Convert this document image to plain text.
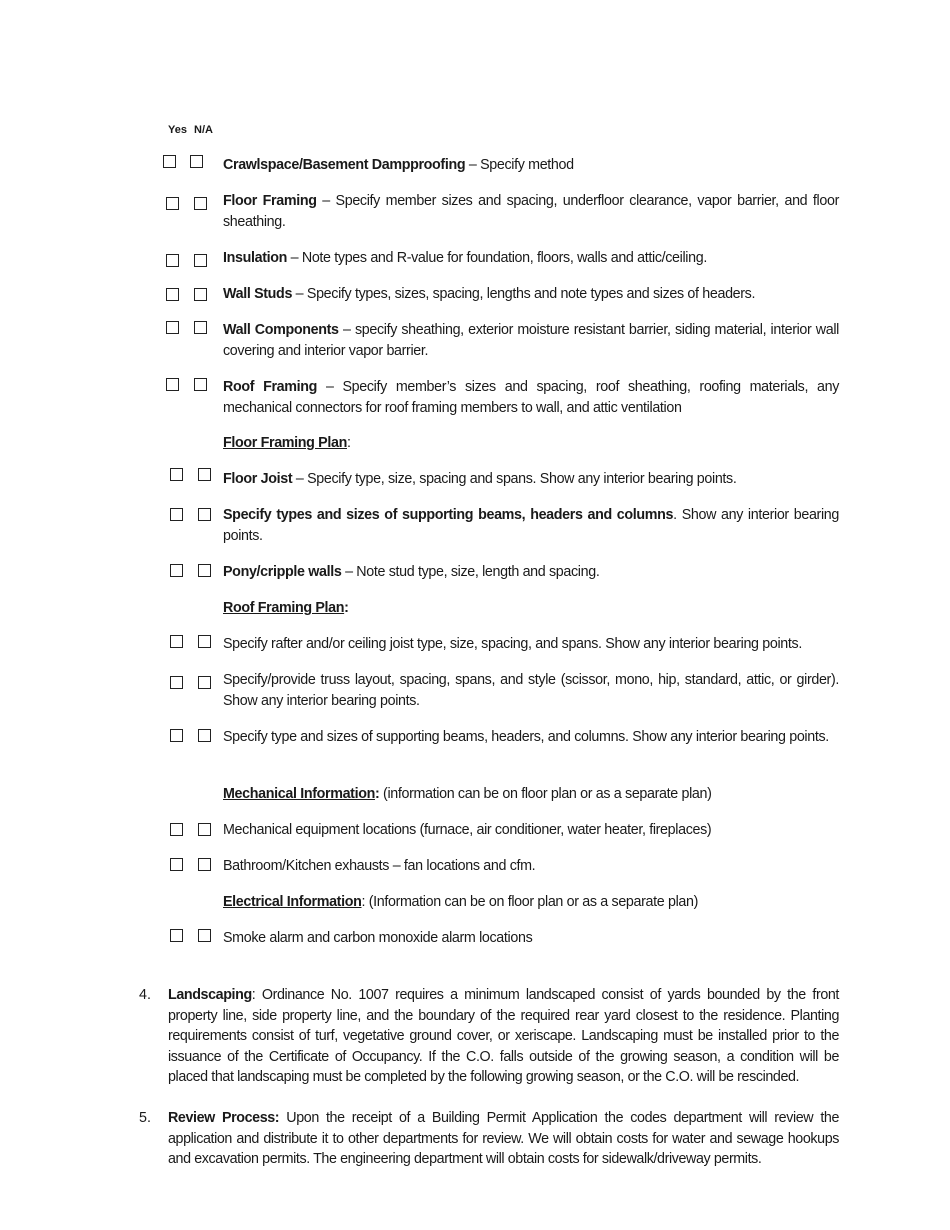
Yes N/A
Crawlspace/Basement Dampproofing – Specify method
Floor Framing – Specify member sizes and spacing, underfloor clearance, vapor barrier, and floor sheathing.
Insulation – Note types and R-value for foundation, floors, walls and attic/ceiling.
Wall Studs – Specify types, sizes, spacing, lengths and note types and sizes of headers.
Wall Components – specify sheathing, exterior moisture resistant barrier, siding material, interior wall covering and interior vapor barrier.
Roof Framing – Specify member’s sizes and spacing, roof sheathing, roofing materials, any mechanical connectors for roof framing members to wall, and attic ventilation
Floor Framing Plan:
Floor Joist – Specify type, size, spacing and spans. Show any interior bearing points.
Specify types and sizes of supporting beams, headers and columns. Show any interior bearing points.
Pony/cripple walls – Note stud type, size, length and spacing.
Roof Framing Plan:
Specify rafter and/or ceiling joist type, size, spacing, and spans. Show any interior bearing points.
Specify/provide truss layout, spacing, spans, and style (scissor, mono, hip, standard, attic, or girder). Show any interior bearing points.
Specify type and sizes of supporting beams, headers, and columns. Show any interior bearing points.
Mechanical Information: (information can be on floor plan or as a separate plan)
Mechanical equipment locations (furnace, air conditioner, water heater, fireplaces)
Bathroom/Kitchen exhausts – fan locations and cfm.
Electrical Information: (Information can be on floor plan or as a separate plan)
Smoke alarm and carbon monoxide alarm locations
4. Landscaping: Ordinance No. 1007 requires a minimum landscaped consist of yards bounded by the front property line, side property line, and the boundary of the required rear yard closest to the residence. Planting requirements consist of turf, vegetative ground cover, or xeriscape. Landscaping must be installed prior to the issuance of the Certificate of Occupancy. If the C.O. falls outside of the growing season, a condition will be placed that landscaping must be completed by the following growing season, or the C.O. will be rescinded.
5. Review Process: Upon the receipt of a Building Permit Application the codes department will review the application and distribute it to other departments for review. We will obtain costs for water and sewage hookups and excavation permits. The engineering department will obtain costs for sidewalk/driveway permits.
